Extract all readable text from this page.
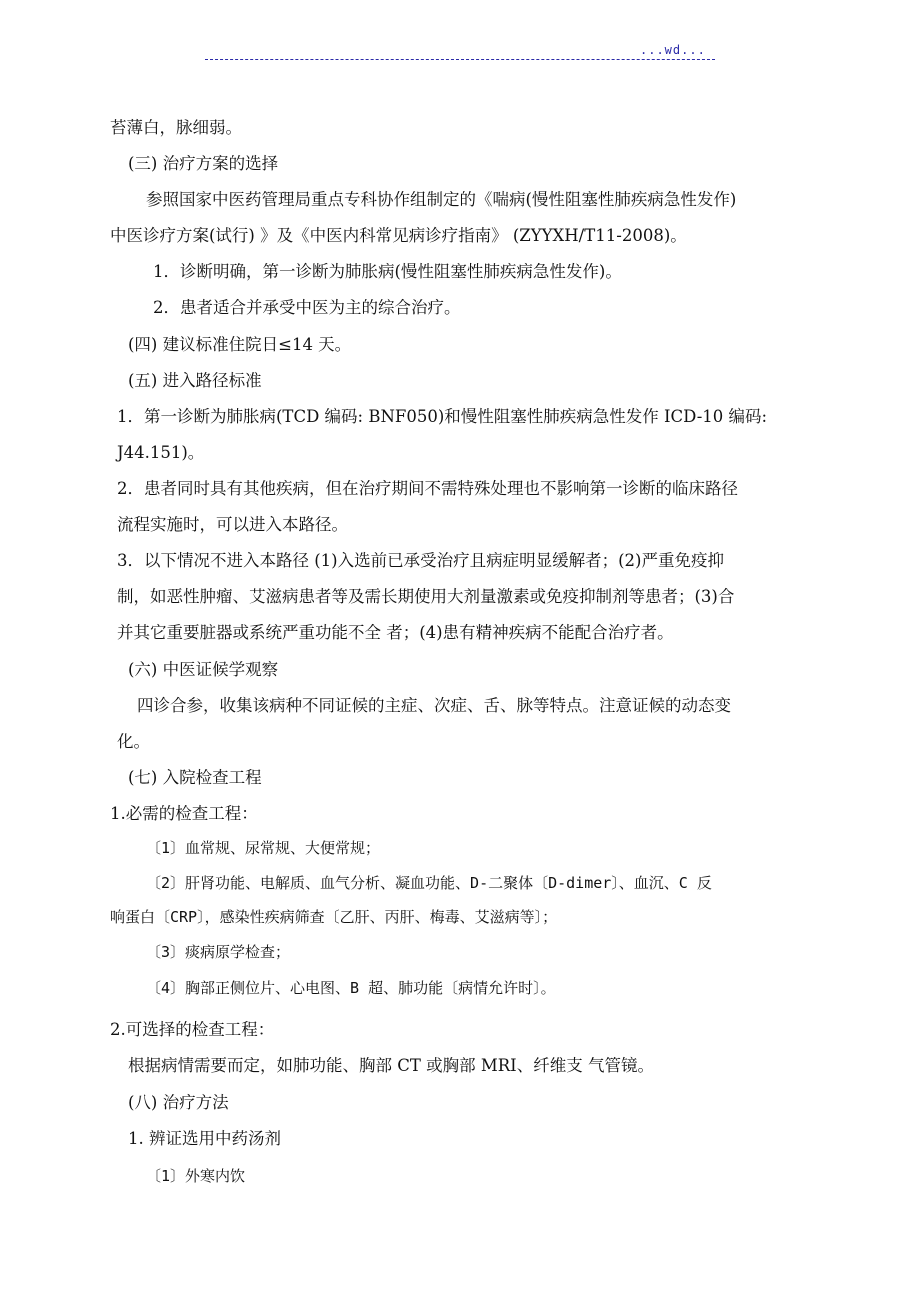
...wd...
苔薄白，脉细弱。
(三) 治疗方案的选择
参照国家中医药管理局重点专科协作组制定的《喘病(慢性阻塞性肺疾病急性发作)
中医诊疗方案(试行) 》及《中医内科常见病诊疗指南》 (ZYYXH/T11-2008)。
1．诊断明确，第一诊断为肺胀病(慢性阻塞性肺疾病急性发作)。
2．患者适合并承受中医为主的综合治疗。
(四) 建议标准住院日≤14 天。
(五) 进入路径标准
1．第一诊断为肺胀病(TCD 编码: BNF050)和慢性阻塞性肺疾病急性发作 ICD-10 编码:
J44.151)。
2．患者同时具有其他疾病，但在治疗期间不需特殊处理也不影响第一诊断的临床路径
流程实施时，可以进入本路径。
3．以下情况不进入本路径 (1)入选前已承受治疗且病症明显缓解者；(2)严重免疫抑
制，如恶性肿瘤、艾滋病患者等及需长期使用大剂量激素或免疫抑制剂等患者；(3)合
并其它重要脏器或系统严重功能不全 者；(4)患有精神疾病不能配合治疗者。
(六) 中医证候学观察
四诊合参，收集该病种不同证候的主症、次症、舌、脉等特点。注意证候的动态变
化。
(七) 入院检查工程
1.必需的检查工程：
〔1〕血常规、尿常规、大便常规；
〔2〕肝肾功能、电解质、血气分析、凝血功能、D-二聚体〔D-dimer〕、血沉、C 反
响蛋白〔CRP〕，感染性疾病筛查〔乙肝、丙肝、梅毒、艾滋病等〕；
〔3〕痰病原学检查；
〔4〕胸部正侧位片、心电图、B 超、肺功能〔病情允许时〕。
2.可选择的检查工程：
根据病情需要而定，如肺功能、胸部 CT 或胸部 MRI、纤维支 气管镜。
(八) 治疗方法
1. 辨证选用中药汤剂
〔1〕外寒内饮
